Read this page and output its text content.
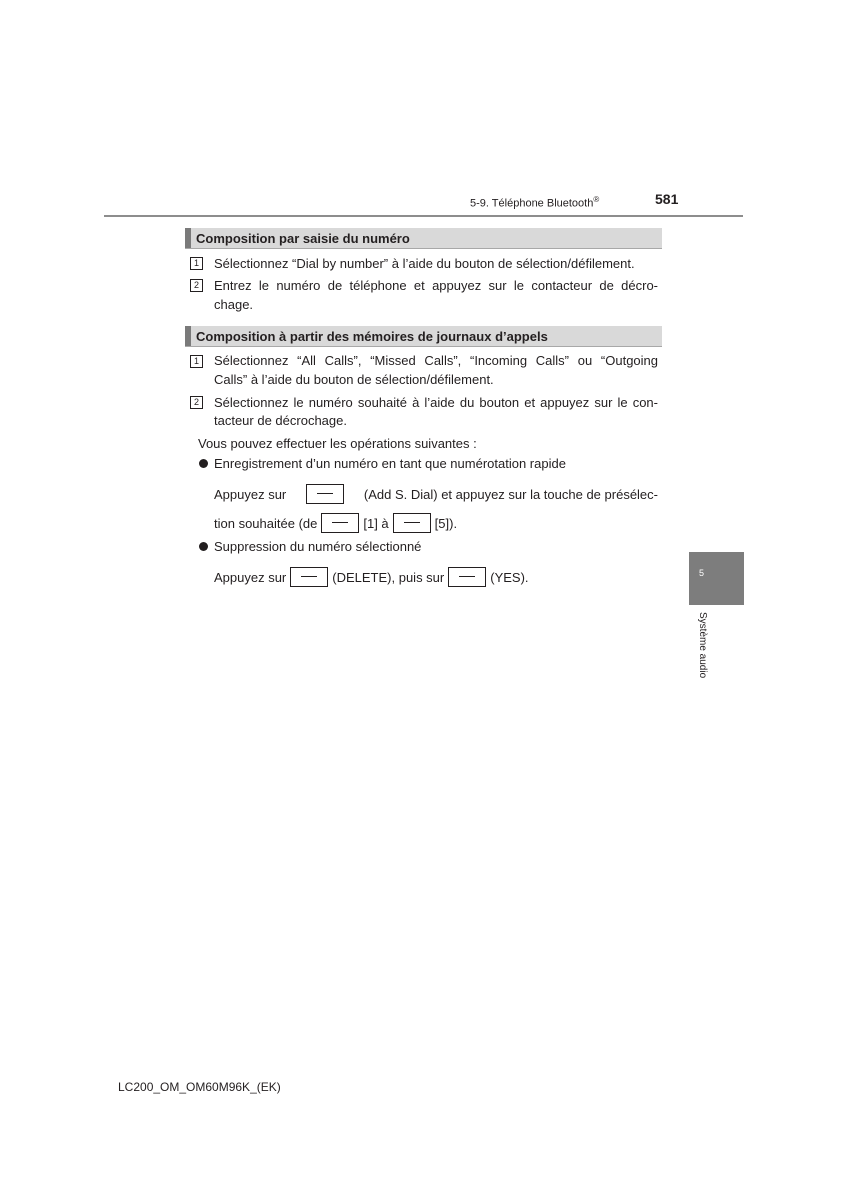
5-9. Téléphone Bluetooth®	581
Composition par saisie du numéro
1	Sélectionnez “Dial by number” à l’aide du bouton de sélection/défilement.
2	Entrez le numéro de téléphone et appuyez sur le contacteur de décro-
chage.
Composition à partir des mémoires de journaux d’appels
1	Sélectionnez “All Calls”, “Missed Calls”, “Incoming Calls” ou “Outgoing
Calls” à l’aide du bouton de sélection/défilement.
2	Sélectionnez le numéro souhaité à l’aide du bouton et appuyez sur le con-
tacteur de décrochage.
Vous pouvez effectuer les opérations suivantes :
Enregistrement d’un numéro en tant que numérotation rapide
Appuyez sur	(Add S. Dial) et appuyez sur la touche de présélec-
tion souhaitée (de	[1] à	[5]).
Suppression du numéro sélectionné
Appuyez sur	(DELETE), puis sur	(YES).	5
Système audio
LC200_OM_OM60M96K_(EK)
